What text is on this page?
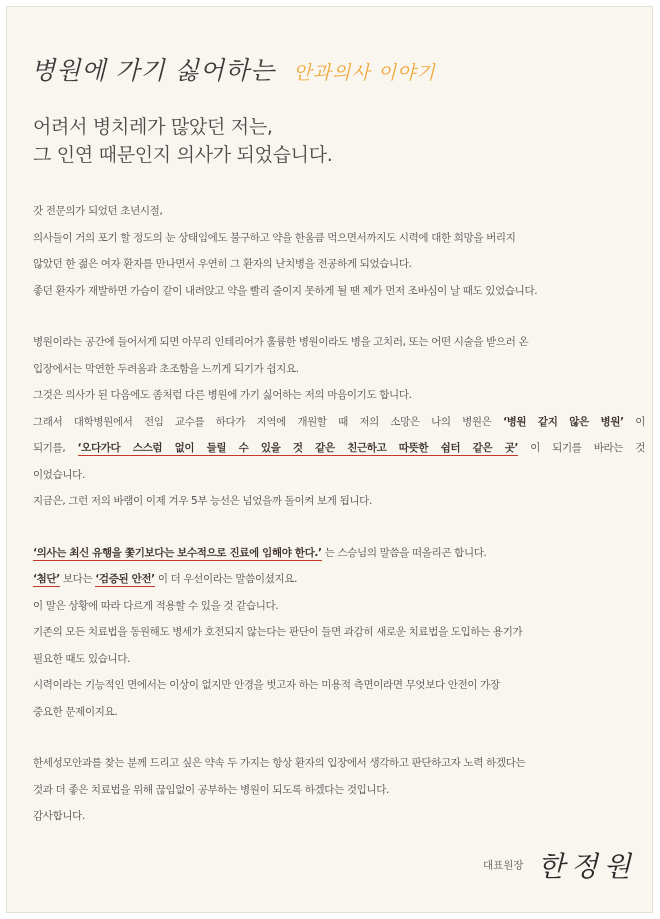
병원에 가기 싫어하는 안과의사 이야기
어려서 병치레가 많았던 저는,
그 인연 때문인지 의사가 되었습니다.

갓 전문의가 되었던 초년시절,

의사들이 거의 포기 할 정도의 눈 상태임에도 불구하고 약을 한움큼 먹으면서까지도 시력에 대한 희망을 버리지

않았던 한 젊은 여자 환자를 만나면서 우연히 그 환자의 난치병을 전공하게 되었습니다.

좋던 환자가 재발하면 가슴이 같이 내려앉고 약을 빨리 줄이지 못하게 될 땐 제가 먼저 조바심이 날 때도 있었습니다.

병원이라는 공간에 들어서게 되면 아무리 인테리어가 훌륭한 병원이라도 병을 고치러, 또는 어떤 시술을 받으러 온

입장에서는 막연한 두려움과 초조함을 느끼게 되기가 쉽지요.

그것은 의사가 된 다음에도 좀처럼 다른 병원에 가기 싫어하는 저의 마음이기도 합니다.

그래서 대학병원에서 전임 교수를 하다가 지역에 개원할 때 저의 소망은 나의 병원은 ‘병원 같지 않은 병원’ 이

되기를, ‘오다가다 스스럼 없이 들릴 수 있을 것 같은 친근하고 따뜻한 쉼터 같은 곳’ 이 되기를 바라는 것

이었습니다.

지금은, 그런 저의 바램이 이제 겨우 5부 능선은 넘었을까 돌이켜 보게 됩니다.

‘의사는 최신 유행을 쫓기보다는 보수적으로 진료에 임해야 한다.’ 는 스승님의 말씀을 떠올리곤 합니다.

‘첨단’ 보다는 ‘검증된 안전’ 이 더 우선이라는 말씀이셨지요.

이 말은 상황에 따라 다르게 적용할 수 있을 것 같습니다.

기존의 모든 치료법을 동원해도 병세가 호전되지 않는다는 판단이 들면 과감히 새로운 치료법을 도입하는 용기가

필요한 때도 있습니다.

시력이라는 기능적인 면에서는 이상이 없지만 안경을 벗고자 하는 미용적 측면이라면 무엇보다 안전이 가장

중요한 문제이지요.

한세성모안과를 찾는 분께 드리고 싶은 약속 두 가지는 항상 환자의 입장에서 생각하고 판단하고자 노력 하겠다는

것과 더 좋은 치료법을 위해 끊임없이 공부하는 병원이 되도록 하겠다는 것입니다.

감사합니다.

대표원장 한정원
